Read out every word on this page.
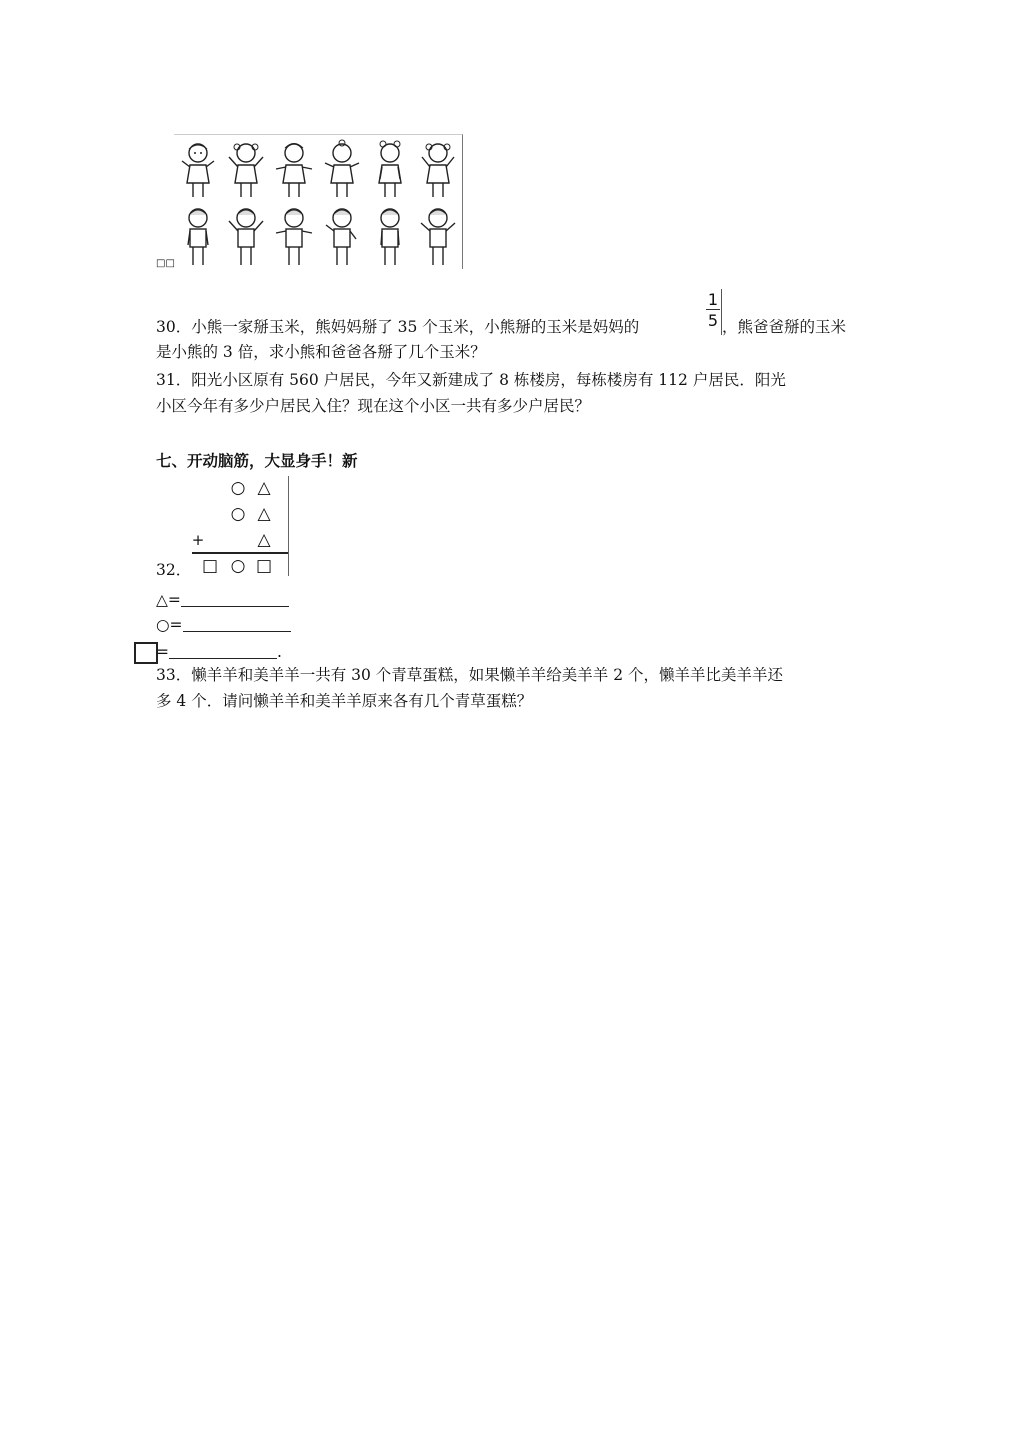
□□
30．小熊一家掰玉米，熊妈妈掰了 35 个玉米，小熊掰的玉米是妈妈的
1
5 ，熊爸爸掰的玉米
是小熊的 3 倍，求小熊和爸爸各掰了几个玉米？
31．阳光小区原有 560 户居民，今年又新建成了 8 栋楼房，每栋楼房有 112 户居民．阳光
小区今年有多少户居民入住？现在这个小区一共有多少户居民？
七、开动脑筋，大显身手！新
○ △
○ △
+	△
□ ○ □
32．
△=
○=
=	.
33．懒羊羊和美羊羊一共有 30 个青草蛋糕，如果懒羊羊给美羊羊 2 个，懒羊羊比美羊羊还
多 4 个．请问懒羊羊和美羊羊原来各有几个青草蛋糕？
